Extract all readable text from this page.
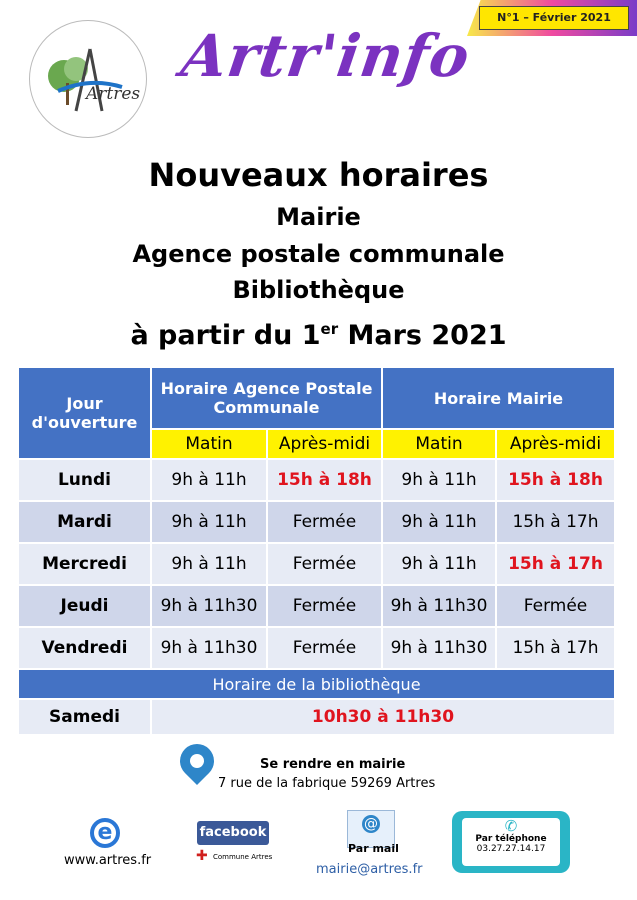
N°1 – Février 2021
Artres
Artr'info
Nouveaux horaires
Mairie
Agence postale communale
Bibliothèque
à partir du 1er Mars 2021
Jour d'ouverture	Horaire Agence Postale Communale		Horaire Mairie	
	Matin	Après-midi	Matin	Après-midi
Lundi	9h à 11h	15h à 18h	9h à 11h	15h à 18h
Mardi	9h à 11h	Fermée	9h à 11h	15h à 17h
Mercredi	9h à 11h	Fermée	9h à 11h	15h à 17h
Jeudi	9h à 11h30	Fermée	9h à 11h30	Fermée
Vendredi	9h à 11h30	Fermée	9h à 11h30	15h à 17h
Horaire de la bibliothèque				
Samedi	10h30 à 11h30			
Se rendre en mairie
7 rue de la fabrique 59269 Artres
e
www.artres.fr
facebook
✚ Commune Artres
@
Par mail
mairie@artres.fr
✆
Par téléphone
03.27.27.14.17
